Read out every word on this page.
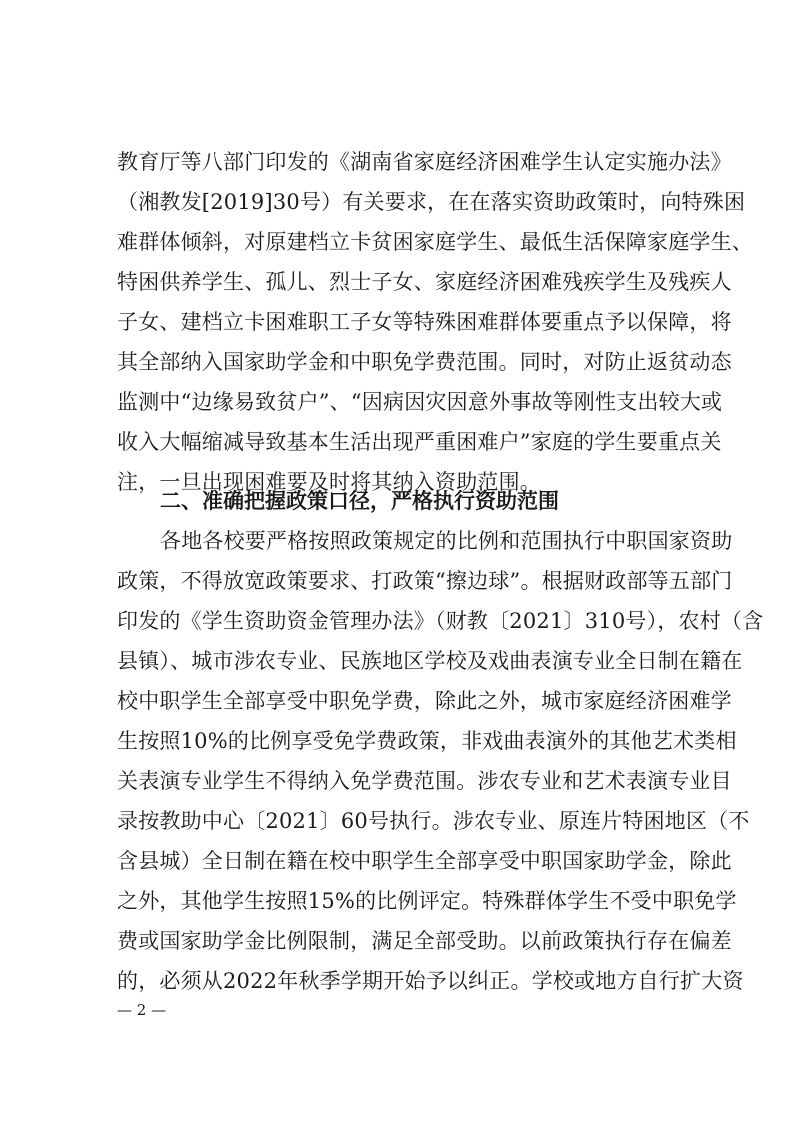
教育厅等八部门印发的《湖南省家庭经济困难学生认定实施办法》
（湘教发[2019]30号）有关要求，在在落实资助政策时，向特殊困
难群体倾斜，对原建档立卡贫困家庭学生、最低生活保障家庭学生、
特困供养学生、孤儿、烈士子女、家庭经济困难残疾学生及残疾人
子女、建档立卡困难职工子女等特殊困难群体要重点予以保障，将
其全部纳入国家助学金和中职免学费范围。同时，对防止返贫动态
监测中“边缘易致贫户”、“因病因灾因意外事故等刚性支出较大或
收入大幅缩减导致基本生活出现严重困难户”家庭的学生要重点关
注，一旦出现困难要及时将其纳入资助范围。
二、准确把握政策口径，严格执行资助范围
各地各校要严格按照政策规定的比例和范围执行中职国家资助
政策，不得放宽政策要求、打政策“擦边球”。根据财政部等五部门
印发的《学生资助资金管理办法》（财教〔2021〕310号），农村（含
县镇）、城市涉农专业、民族地区学校及戏曲表演专业全日制在籍在
校中职学生全部享受中职免学费，除此之外，城市家庭经济困难学
生按照10%的比例享受免学费政策，非戏曲表演外的其他艺术类相
关表演专业学生不得纳入免学费范围。涉农专业和艺术表演专业目
录按教助中心〔2021〕60号执行。涉农专业、原连片特困地区（不
含县城）全日制在籍在校中职学生全部享受中职国家助学金，除此
之外，其他学生按照15%的比例评定。特殊群体学生不受中职免学
费或国家助学金比例限制，满足全部受助。以前政策执行存在偏差
的，必须从2022年秋季学期开始予以纠正。学校或地方自行扩大资
— 2 —
